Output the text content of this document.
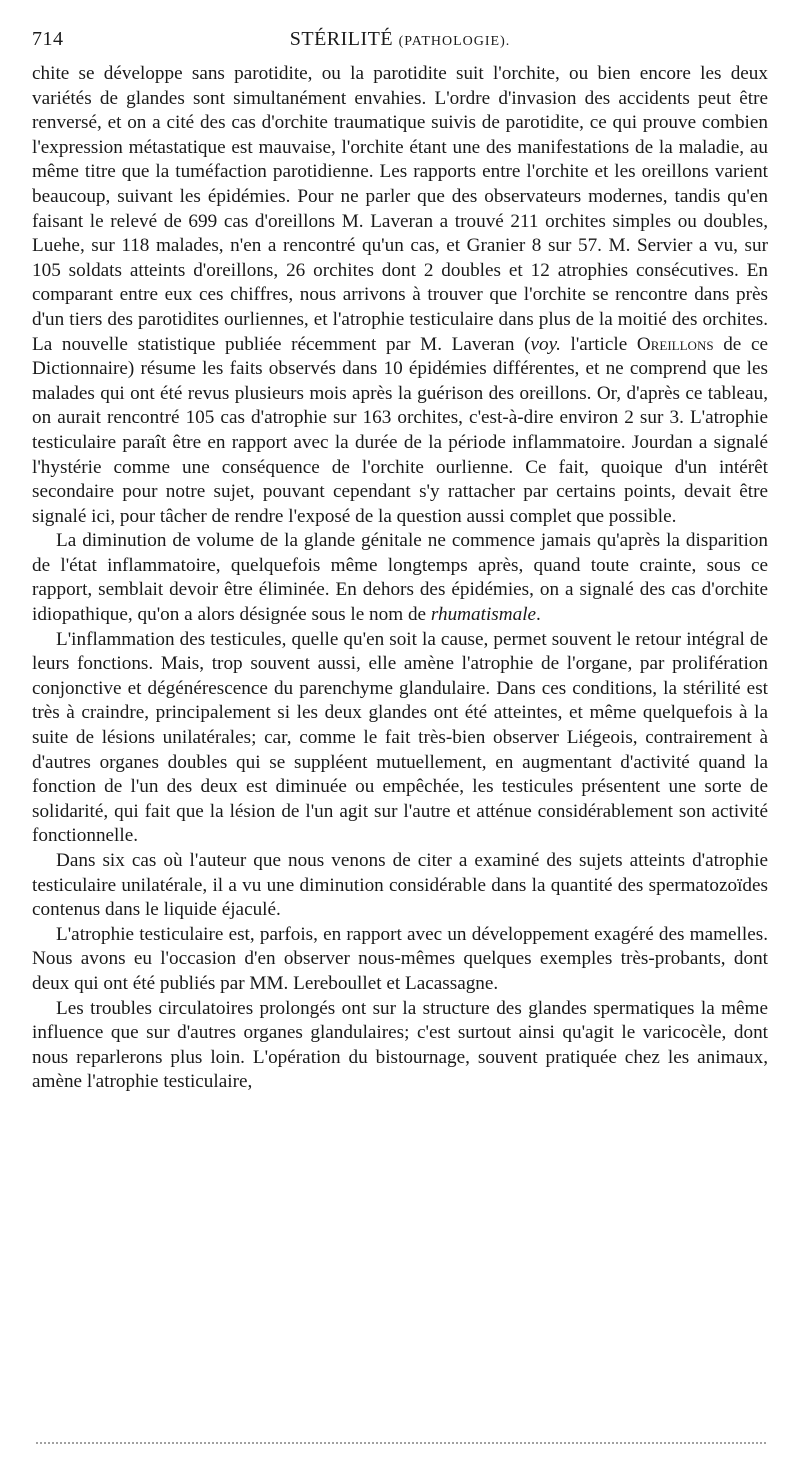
714	STÉRILITÉ (PATHOLOGIE).

chite se développe sans parotidite, ou la parotidite suit l'orchite, ou bien encore les deux variétés de glandes sont simultanément envahies. L'ordre d'invasion des accidents peut être renversé, et on a cité des cas d'orchite traumatique suivis de parotidite, ce qui prouve combien l'expression métastatique est mauvaise, l'orchite étant une des manifestations de la maladie, au même titre que la tuméfaction parotidienne. Les rapports entre l'orchite et les oreillons varient beaucoup, suivant les épidémies. Pour ne parler que des observateurs modernes, tandis qu'en faisant le relevé de 699 cas d'oreillons M. Laveran a trouvé 211 orchites simples ou doubles, Luehe, sur 118 malades, n'en a rencontré qu'un cas, et Granier 8 sur 57. M. Servier a vu, sur 105 soldats atteints d'oreillons, 26 orchites dont 2 doubles et 12 atrophies consécutives. En comparant entre eux ces chiffres, nous arrivons à trouver que l'orchite se rencontre dans près d'un tiers des parotidites ourliennes, et l'atrophie testiculaire dans plus de la moitié des orchites. La nouvelle statistique publiée récemment par M. Laveran (voy. l'article Oreillons de ce Dictionnaire) résume les faits observés dans 10 épidémies différentes, et ne comprend que les malades qui ont été revus plusieurs mois après la guérison des oreillons. Or, d'après ce tableau, on aurait rencontré 105 cas d'atrophie sur 163 orchites, c'est-à-dire environ 2 sur 3. L'atrophie testiculaire paraît être en rapport avec la durée de la période inflammatoire. Jourdan a signalé l'hystérie comme une conséquence de l'orchite ourlienne. Ce fait, quoique d'un intérêt secondaire pour notre sujet, pouvant cependant s'y rattacher par certains points, devait être signalé ici, pour tâcher de rendre l'exposé de la question aussi complet que possible.

La diminution de volume de la glande génitale ne commence jamais qu'après la disparition de l'état inflammatoire, quelquefois même longtemps après, quand toute crainte, sous ce rapport, semblait devoir être éliminée. En dehors des épidémies, on a signalé des cas d'orchite idiopathique, qu'on a alors désignée sous le nom de rhumatismale.

L'inflammation des testicules, quelle qu'en soit la cause, permet souvent le retour intégral de leurs fonctions. Mais, trop souvent aussi, elle amène l'atrophie de l'organe, par prolifération conjonctive et dégénérescence du parenchyme glandulaire. Dans ces conditions, la stérilité est très à craindre, principalement si les deux glandes ont été atteintes, et même quelquefois à la suite de lésions unilatérales; car, comme le fait très-bien observer Liégeois, contrairement à d'autres organes doubles qui se suppléent mutuellement, en augmentant d'activité quand la fonction de l'un des deux est diminuée ou empêchée, les testicules présentent une sorte de solidarité, qui fait que la lésion de l'un agit sur l'autre et atténue considérablement son activité fonctionnelle.

Dans six cas où l'auteur que nous venons de citer a examiné des sujets atteints d'atrophie testiculaire unilatérale, il a vu une diminution considérable dans la quantité des spermatozoïdes contenus dans le liquide éjaculé.

L'atrophie testiculaire est, parfois, en rapport avec un développement exagéré des mamelles. Nous avons eu l'occasion d'en observer nous-mêmes quelques exemples très-probants, dont deux qui ont été publiés par MM. Lereboullet et Lacassagne.

Les troubles circulatoires prolongés ont sur la structure des glandes spermatiques la même influence que sur d'autres organes glandulaires; c'est surtout ainsi qu'agit le varicocèle, dont nous reparlerons plus loin. L'opération du bistournage, souvent pratiquée chez les animaux, amène l'atrophie testiculaire,
